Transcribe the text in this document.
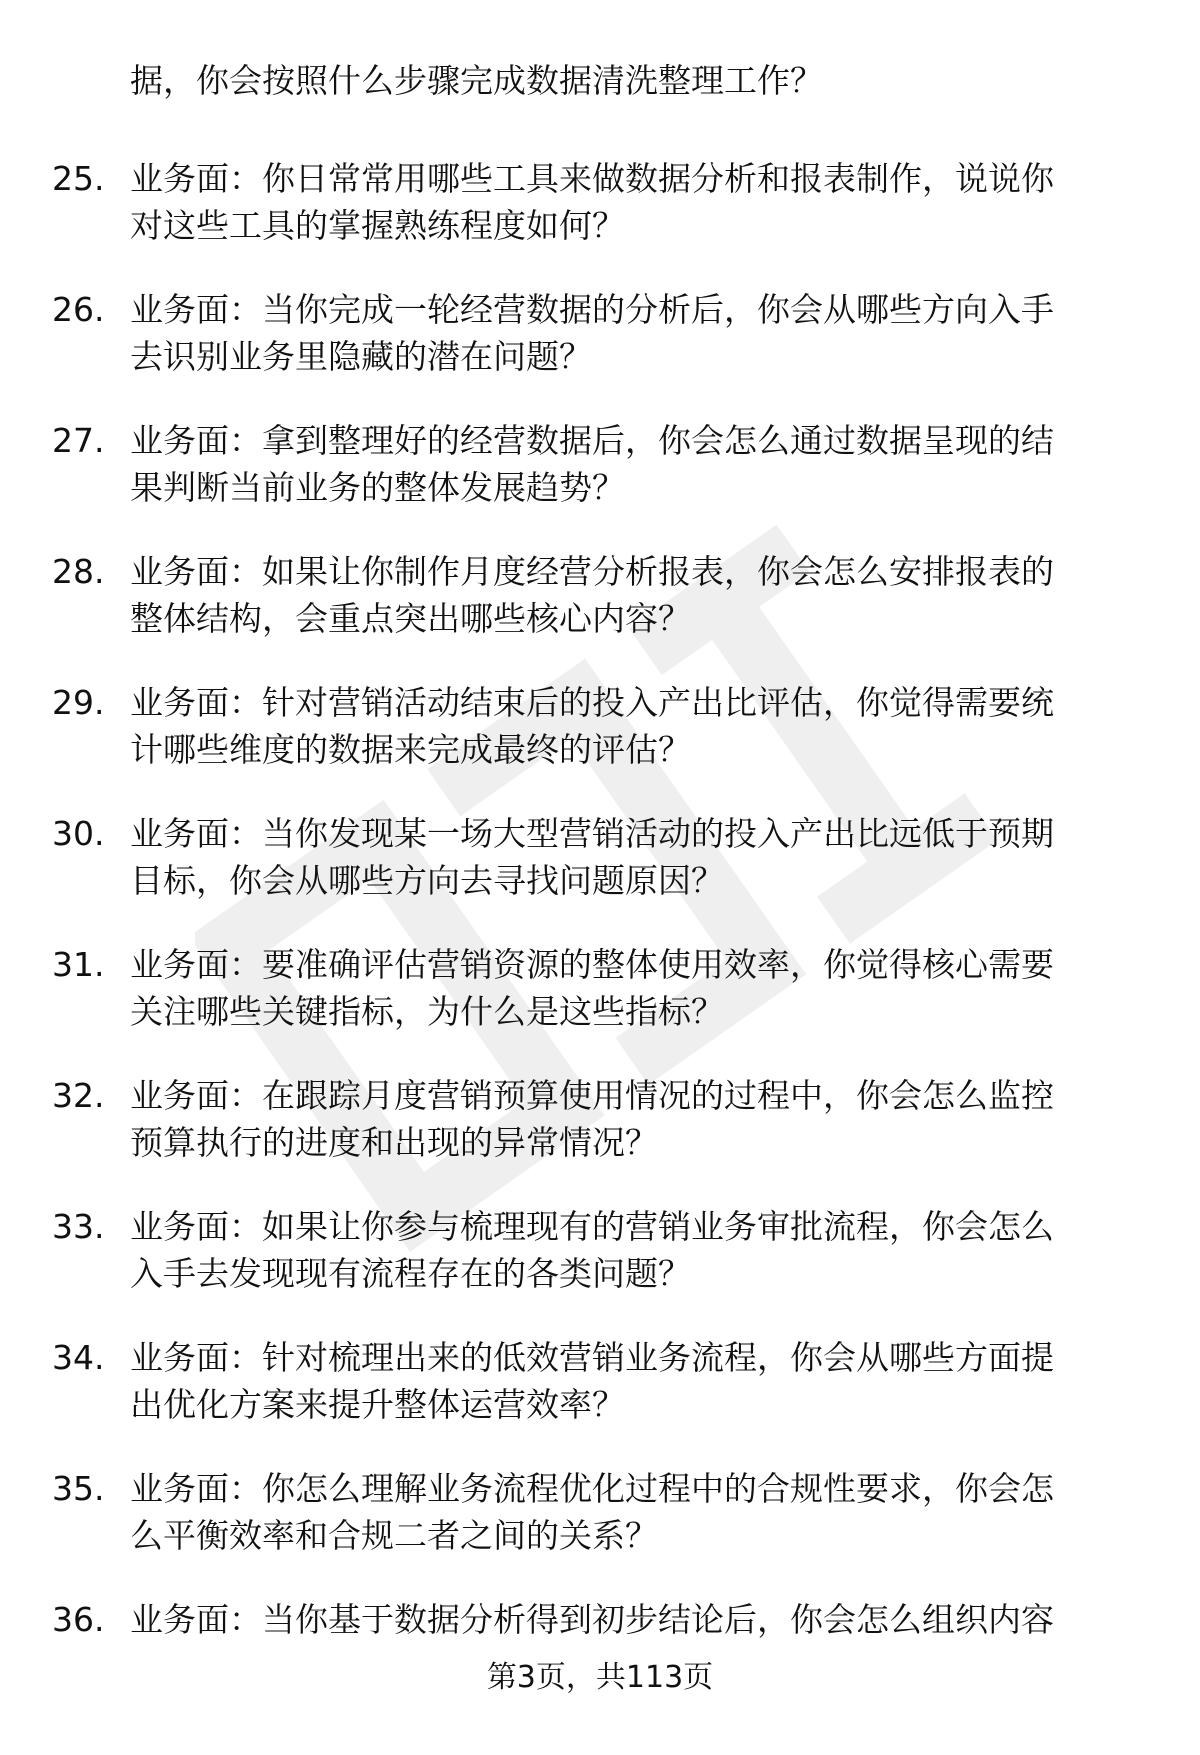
据，你会按照什么步骤完成数据清洗整理工作？
25. 业务面：你日常常用哪些工具来做数据分析和报表制作，说说你
对这些工具的掌握熟练程度如何？
26. 业务面：当你完成一轮经营数据的分析后，你会从哪些方向入手
去识别业务里隐藏的潜在问题？
27. 业务面：拿到整理好的经营数据后，你会怎么通过数据呈现的结
果判断当前业务的整体发展趋势？
28. 业务面：如果让你制作月度经营分析报表，你会怎么安排报表的
整体结构，会重点突出哪些核心内容？
29. 业务面：针对营销活动结束后的投入产出比评估，你觉得需要统
计哪些维度的数据来完成最终的评估？
30. 业务面：当你发现某一场大型营销活动的投入产出比远低于预期
目标，你会从哪些方向去寻找问题原因？
31. 业务面：要准确评估营销资源的整体使用效率，你觉得核心需要
关注哪些关键指标，为什么是这些指标？
32. 业务面：在跟踪月度营销预算使用情况的过程中，你会怎么监控
预算执行的进度和出现的异常情况？
33. 业务面：如果让你参与梳理现有的营销业务审批流程，你会怎么
入手去发现现有流程存在的各类问题？
34. 业务面：针对梳理出来的低效营销业务流程，你会从哪些方面提
出优化方案来提升整体运营效率？
35. 业务面：你怎么理解业务流程优化过程中的合规性要求，你会怎
么平衡效率和合规二者之间的关系？
36. 业务面：当你基于数据分析得到初步结论后，你会怎么组织内容
第3页，共113页
